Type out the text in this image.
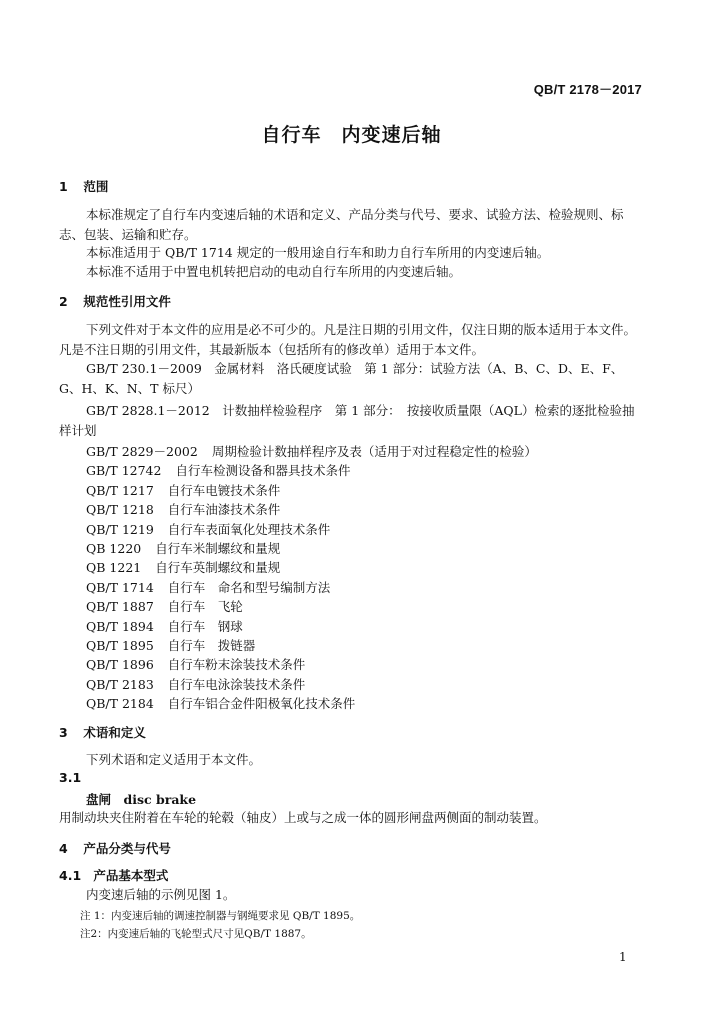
QB/T 2178－2017
自行车　内变速后轴
1 范围
本标准规定了自行车内变速后轴的术语和定义、产品分类与代号、要求、试验方法、检验规则、标志、包装、运输和贮存。
本标准适用于 QB/T 1714 规定的一般用途自行车和助力自行车所用的内变速后轴。
本标准不适用于中置电机转把启动的电动自行车所用的内变速后轴。
2 规范性引用文件
下列文件对于本文件的应用是必不可少的。凡是注日期的引用文件，仅注日期的版本适用于本文件。凡是不注日期的引用文件，其最新版本（包括所有的修改单）适用于本文件。
GB/T 230.1－2009　金属材料　洛氏硬度试验　第 1 部分：试验方法（A、B、C、D、E、F、G、H、K、N、T 标尺）
GB/T 2828.1－2012　计数抽样检验程序　第 1 部分：　按接收质量限（AQL）检索的逐批检验抽样计划
GB/T 2829－2002 周期检验计数抽样程序及表（适用于对过程稳定性的检验）
GB/T 12742 自行车检测设备和器具技术条件
QB/T 1217 自行车电镀技术条件
QB/T 1218 自行车油漆技术条件
QB/T 1219 自行车表面氧化处理技术条件
QB 1220 自行车米制螺纹和量规
QB 1221 自行车英制螺纹和量规
QB/T 1714 自行车　命名和型号编制方法
QB/T 1887 自行车　飞轮
QB/T 1894 自行车　钢球
QB/T 1895 自行车　拨链器
QB/T 1896 自行车粉末涂装技术条件
QB/T 2183 自行车电泳涂装技术条件
QB/T 2184 自行车铝合金件阳极氧化技术条件
3 术语和定义
下列术语和定义适用于本文件。
3.1
盘闸　disc brake
用制动块夹住附着在车轮的轮毂（轴皮）上或与之成一体的圆形闸盘两侧面的制动装置。
4 产品分类与代号
4.1 产品基本型式
内变速后轴的示例见图 1。
注 1：内变速后轴的调速控制器与钢绳要求见 QB/T 1895。
注2：内变速后轴的飞轮型式尺寸见QB/T 1887。
1
